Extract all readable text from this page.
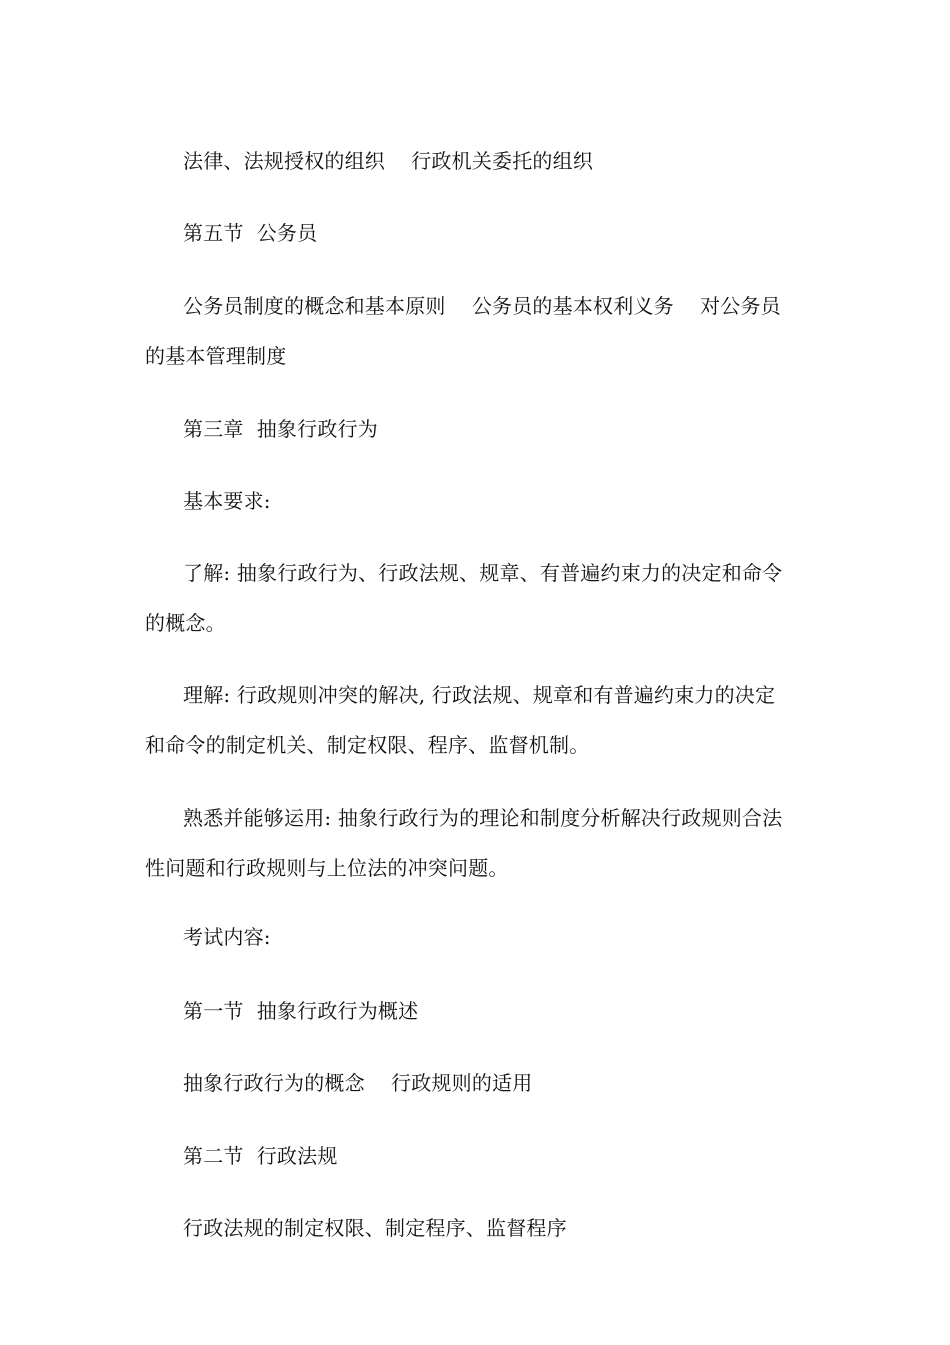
法律、法规授权的组织    行政机关委托的组织

第五节  公务员

公务员制度的概念和基本原则    公务员的基本权利义务    对公务员的基本管理制度

第三章  抽象行政行为

基本要求:

了解: 抽象行政行为、行政法规、规章、有普遍约束力的决定和命令的概念。

理解: 行政规则冲突的解决, 行政法规、规章和有普遍约束力的决定和命令的制定机关、制定权限、程序、监督机制。

熟悉并能够运用: 抽象行政行为的理论和制度分析解决行政规则合法性问题和行政规则与上位法的冲突问题。

考试内容:

第一节  抽象行政行为概述

抽象行政行为的概念    行政规则的适用

第二节  行政法规

行政法规的制定权限、制定程序、监督程序
